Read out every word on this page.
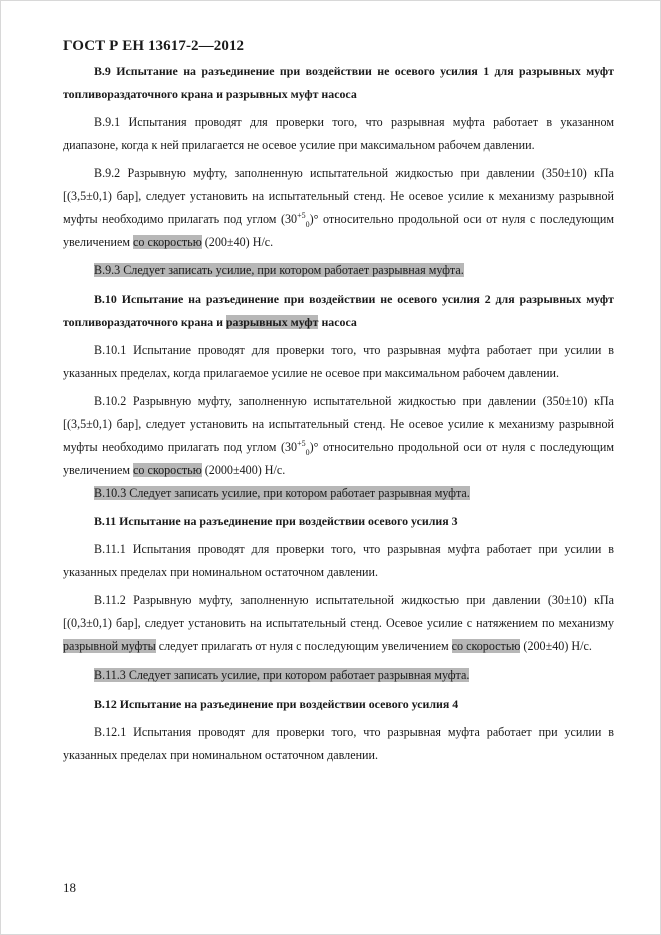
ГОСТ Р ЕН 13617-2—2012

В.9 Испытание на разъединение при воздействии не осевого усилия 1 для разрывных муфт топливораздаточного крана и разрывных муфт насоса

В.9.1 Испытания проводят для проверки того, что разрывная муфта работает в указанном диапазоне, когда к ней прилагается не осевое усилие при максимальном рабочем давлении.

В.9.2 Разрывную муфту, заполненную испытательной жидкостью при давлении (350±10) кПа [(3,5±0,1) бар], следует установить на испытательный стенд. Не осевое усилие к механизму разрывной муфты необходимо прилагать под углом $(30^{+5}_0)^\circ$ относительно продольной оси от нуля с последующим увеличением со скоростью (200±40) Н/с.

В.9.3 Следует записать усилие, при котором работает разрывная муфта.

В.10 Испытание на разъединение при воздействии не осевого усилия 2 для разрывных муфт топливораздаточного крана и разрывных муфт насоса

В.10.1 Испытание проводят для проверки того, что разрывная муфта работает при усилии в указанных пределах, когда прилагаемое усилие не осевое при максимальном рабочем давлении.

В.10.2 Разрывную муфту, заполненную испытательной жидкостью при давлении (350±10) кПа [(3,5±0,1) бар], следует установить на испытательный стенд. Не осевое усилие к механизму разрывной муфты необходимо прилагать под углом $(30^{+5}_0)^\circ$ относительно продольной оси от нуля с последующим увеличением со скоростью (2000±400) Н/с.

В.10.3 Следует записать усилие, при котором работает разрывная муфта.

В.11 Испытание на разъединение при воздействии осевого усилия 3

В.11.1 Испытания проводят для проверки того, что разрывная муфта работает при усилии в указанных пределах при номинальном остаточном давлении.

В.11.2 Разрывную муфту, заполненную испытательной жидкостью при давлении (30±10) кПа [(0,3±0,1) бар], следует установить на испытательный стенд. Осевое усилие с натяжением по механизму разрывной муфты следует прилагать от нуля с последующим увеличением со скоростью (200±40) Н/с.

В.11.3 Следует записать усилие, при котором работает разрывная муфта.

В.12 Испытание на разъединение при воздействии осевого усилия 4

В.12.1 Испытания проводят для проверки того, что разрывная муфта работает при усилии в указанных пределах при номинальном остаточном давлении.

18
